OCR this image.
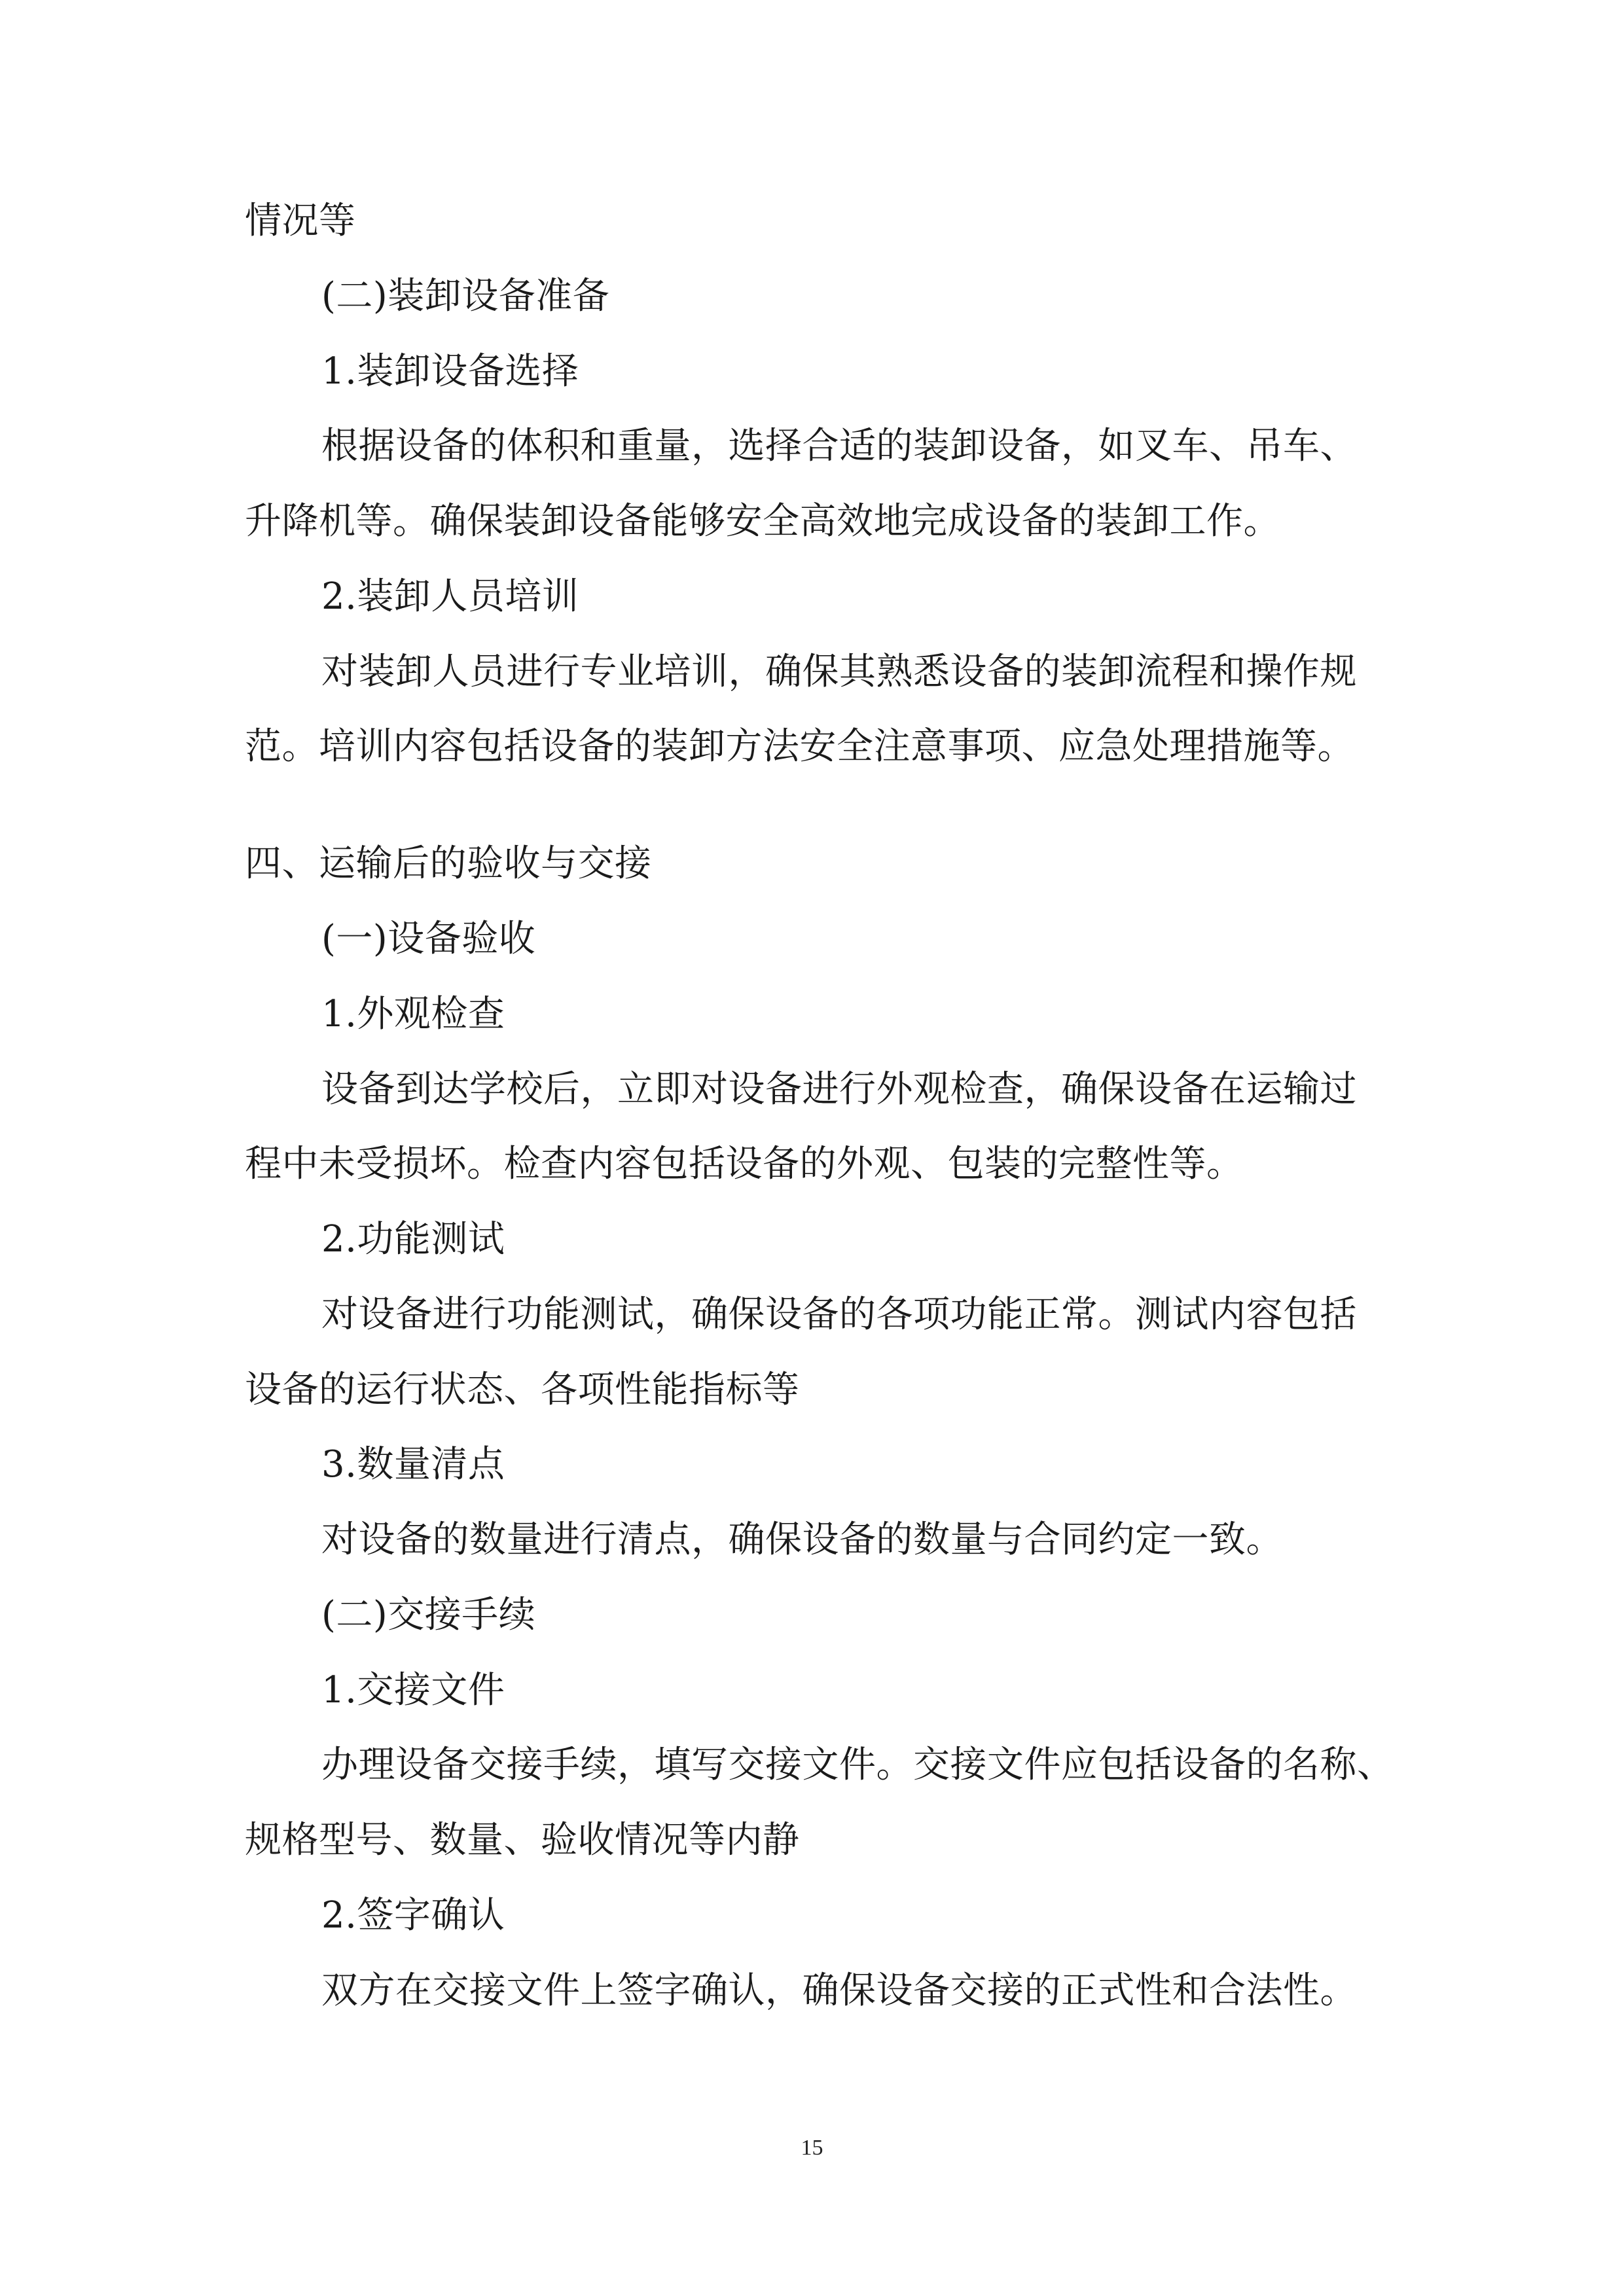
情况等
(二)装卸设备准备
1.装卸设备选择
根据设备的体积和重量，选择合适的装卸设备，如叉车、吊车、
升降机等。确保装卸设备能够安全高效地完成设备的装卸工作。
2.装卸人员培训
对装卸人员进行专业培训，确保其熟悉设备的装卸流程和操作规
范。培训内容包括设备的装卸方法安全注意事项、应急处理措施等。
四、运输后的验收与交接
(一)设备验收
1.外观检查
设备到达学校后，立即对设备进行外观检查，确保设备在运输过
程中未受损坏。检查内容包括设备的外观、包装的完整性等。
2.功能测试
对设备进行功能测试，确保设备的各项功能正常。测试内容包括
设备的运行状态、各项性能指标等
3.数量清点
对设备的数量进行清点，确保设备的数量与合同约定一致。
(二)交接手续
1.交接文件
办理设备交接手续，填写交接文件。交接文件应包括设备的名称、
规格型号、数量、验收情况等内静
2.签字确认
双方在交接文件上签字确认，确保设备交接的正式性和合法性。
15
